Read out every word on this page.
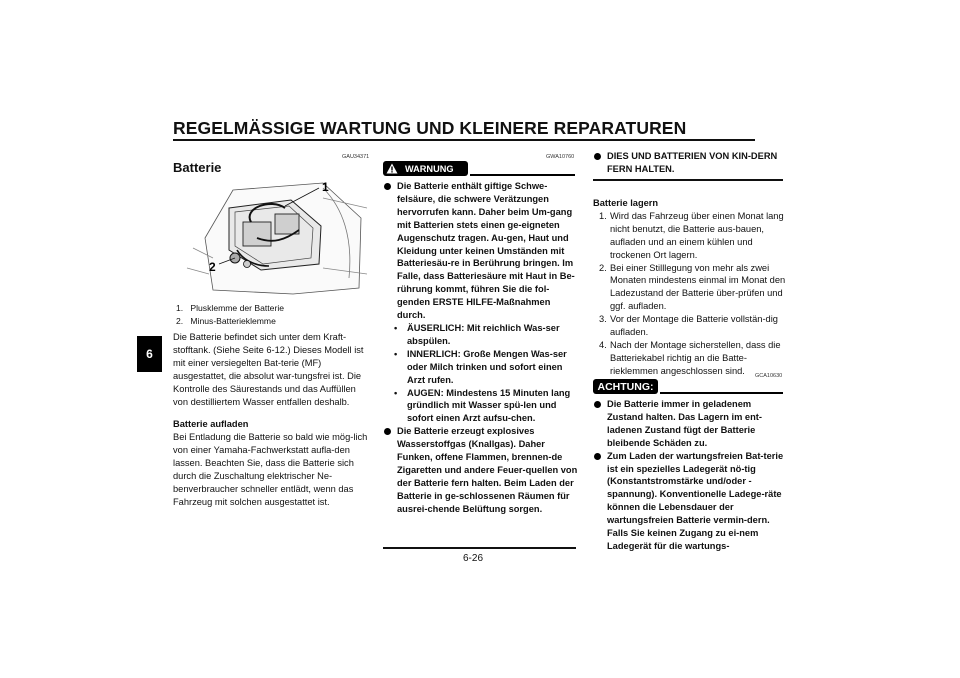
REGELMÄSSIGE WARTUNG UND KLEINERE REPARATUREN
6
GAU34371
Batterie
1
2
1. Plusklemme der Batterie
2. Minus-Batterieklemme

Die Batterie befindet sich unter dem Kraft-stofftank. (Siehe Seite 6-12.) Dieses Modell ist mit einer versiegelten Bat-terie (MF) ausgestattet, die absolut war-tungsfrei ist. Die Kontrolle des Säurestands und das Auffüllen von destilliertem Wasser entfallen deshalb.

Batterie aufladen

Bei Entladung die Batterie so bald wie mög-lich von einer Yamaha-Fachwerkstatt aufla-den lassen. Beachten Sie, dass die Batterie sich durch die Zuschaltung elektrischer Ne-benverbraucher schneller entlädt, wenn das Fahrzeug mit solchen ausgestattet ist.

GWA10760
WARNUNG
Die Batterie enthält giftige Schwe-felsäure, die schwere Verätzungen hervorrufen kann. Daher beim Um-gang mit Batterien stets einen ge-eigneten Augenschutz tragen. Au-gen, Haut und Kleidung unter keinen Umständen mit Batteriesäu-re in Berührung bringen. Im Falle, dass Batteriesäure mit Haut in Be-rührung kommt, führen Sie die fol-genden ERSTE HILFE-Maßnahmen durch.
• ÄUSERLICH: Mit reichlich Was-ser abspülen.
• INNERLICH: Große Mengen Was-ser oder Milch trinken und sofort einen Arzt rufen.
• AUGEN: Mindestens 15 Minuten lang gründlich mit Wasser spü-len und sofort einen Arzt aufsu-chen.
Die Batterie erzeugt explosives Wasserstoffgas (Knallgas). Daher Funken, offene Flammen, brennen-de Zigaretten und andere Feuer-quellen von der Batterie fern halten. Beim Laden der Batterie in ge-schlossenen Räumen für ausrei-chende Belüftung sorgen.
DIES UND BATTERIEN VON KIN-DERN FERN HALTEN.

Batterie lagern

1. Wird das Fahrzeug über einen Monat lang nicht benutzt, die Batterie aus-bauen, aufladen und an einem kühlen und trockenen Ort lagern.
2. Bei einer Stilllegung von mehr als zwei Monaten mindestens einmal im Monat den Ladezustand der Batterie über-prüfen und ggf. aufladen.
3. Vor der Montage die Batterie vollstän-dig aufladen.
4. Nach der Montage sicherstellen, dass die Batteriekabel richtig an die Batte-rieklemmen angeschlossen sind.
GCA10630
ACHTUNG:
Die Batterie immer in geladenem Zustand halten. Das Lagern im ent-ladenen Zustand fügt der Batterie bleibende Schäden zu.
Zum Laden der wartungsfreien Bat-terie ist ein spezielles Ladegerät nö-tig (Konstantstromstärke und/oder -spannung). Konventionelle Ladege-räte können die Lebensdauer der wartungsfreien Batterie vermin-dern. Falls Sie keinen Zugang zu ei-nem Ladegerät für die wartungs-
6-26
